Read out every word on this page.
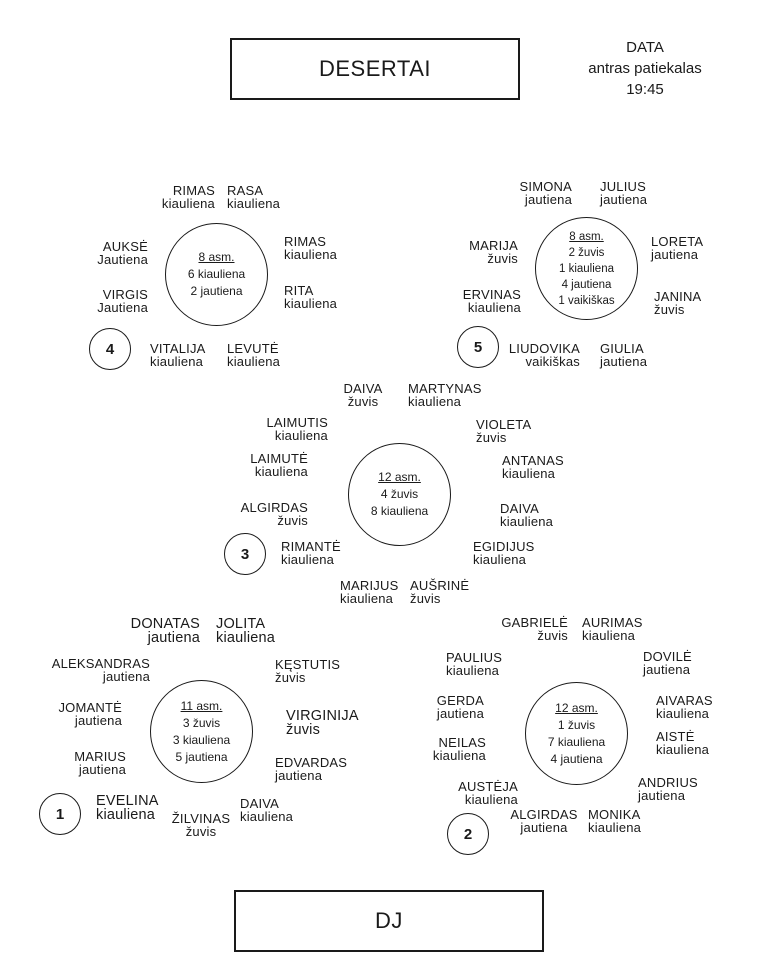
DESERTAI
DATA
antras patiekalas
19:45
DJ
8 asm.
6 kiauliena
2 jautiena
4
RIMAS
kiauliena
RASA
kiauliena
RIMAS
kiauliena
RITA
kiauliena
LEVUTĖ
kiauliena
VITALIJA
kiauliena
VIRGIS
Jautiena
AUKSĖ
Jautiena
8 asm.
2 žuvis
1 kiauliena
4 jautiena
1 vaikiškas
5
SIMONA
jautiena
JULIUS
jautiena
LORETA
jautiena
JANINA
žuvis
GIULIA
jautiena
LIUDOVIKA
vaikiškas
ERVINAS
kiauliena
MARIJA
žuvis
12 asm.
4 žuvis
8 kiauliena
3
DAIVA
žuvis
MARTYNAS
kiauliena
VIOLETA
žuvis
ANTANAS
kiauliena
DAIVA
kiauliena
EGIDIJUS
kiauliena
AUŠRINĖ
žuvis
MARIJUS
kiauliena
RIMANTĖ
kiauliena
ALGIRDAS
žuvis
LAIMUTĖ
kiauliena
LAIMUTIS
kiauliena
11 asm.
3 žuvis
3 kiauliena
5 jautiena
1
DONATAS
jautiena
JOLITA
kiauliena
KĘSTUTIS
žuvis
VIRGINIJA
žuvis
EDVARDAS
jautiena
DAIVA
kiauliena
ŽILVINAS
žuvis
EVELINA
kiauliena
MARIUS
jautiena
JOMANTĖ
jautiena
ALEKSANDRAS
jautiena
12 asm.
1 žuvis
7 kiauliena
4 jautiena
2
GABRIELĖ
žuvis
AURIMAS
kiauliena
DOVILĖ
jautiena
AIVARAS
kiauliena
AISTĖ
kiauliena
ANDRIUS
jautiena
MONIKA
kiauliena
ALGIRDAS
jautiena
AUSTĖJA
kiauliena
NEILAS
kiauliena
GERDA
jautiena
PAULIUS
kiauliena
